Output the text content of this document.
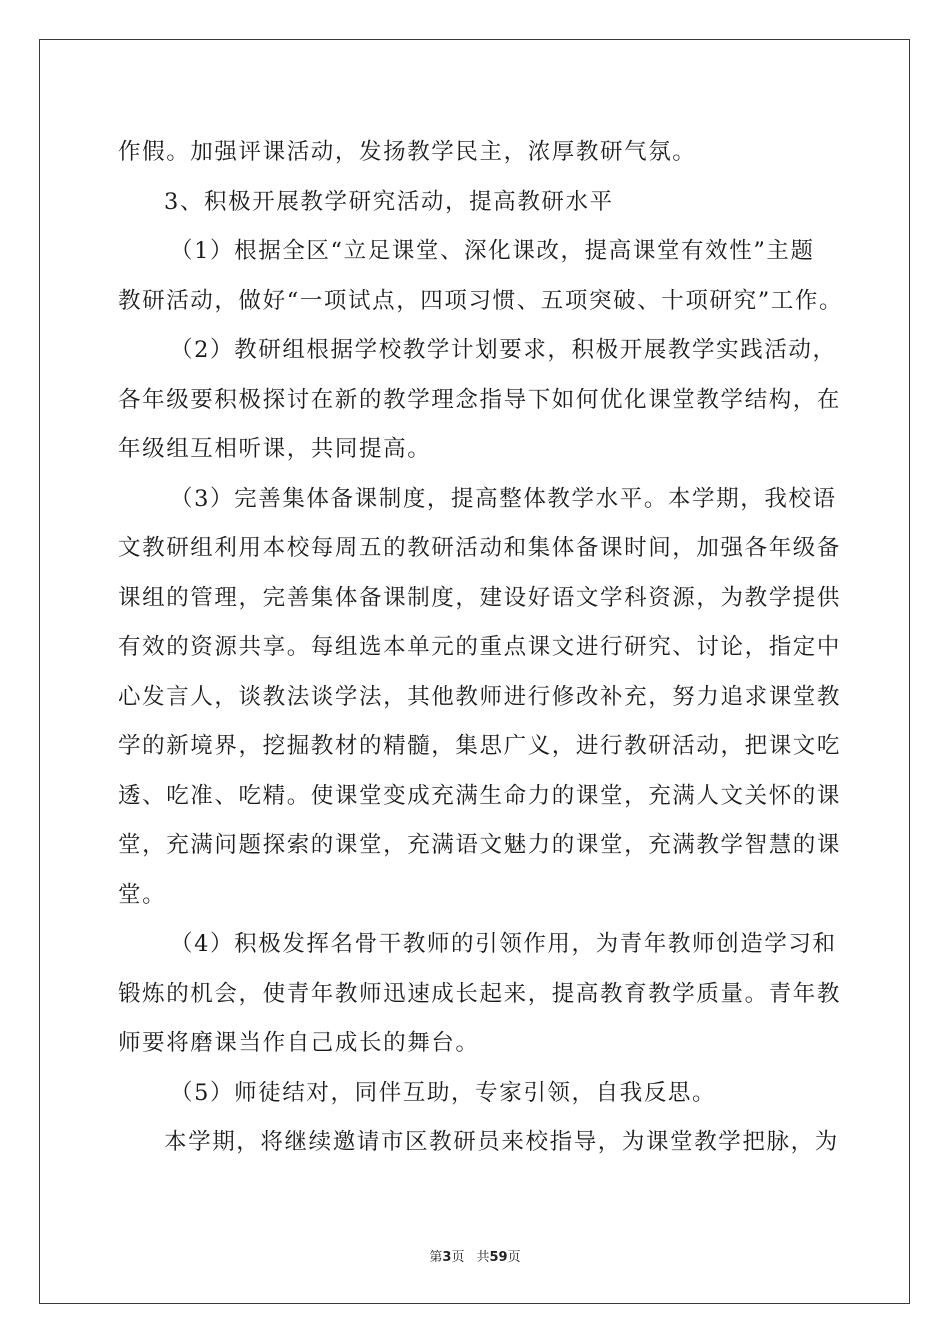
作假。加强评课活动，发扬教学民主，浓厚教研气氛。
3、积极开展教学研究活动，提高教研水平
（1）根据全区“立足课堂、深化课改，提高课堂有效性”主题
教研活动，做好“一项试点，四项习惯、五项突破、十项研究”工作。
（2）教研组根据学校教学计划要求，积极开展教学实践活动，
各年级要积极探讨在新的教学理念指导下如何优化课堂教学结构，在
年级组互相听课，共同提高。
（3）完善集体备课制度，提高整体教学水平。本学期，我校语
文教研组利用本校每周五的教研活动和集体备课时间，加强各年级备
课组的管理，完善集体备课制度，建设好语文学科资源，为教学提供
有效的资源共享。每组选本单元的重点课文进行研究、讨论，指定中
心发言人，谈教法谈学法，其他教师进行修改补充，努力追求课堂教
学的新境界，挖掘教材的精髓，集思广义，进行教研活动，把课文吃
透、吃准、吃精。使课堂变成充满生命力的课堂，充满人文关怀的课
堂，充满问题探索的课堂，充满语文魅力的课堂，充满教学智慧的课
堂。
（4）积极发挥名骨干教师的引领作用，为青年教师创造学习和
锻炼的机会，使青年教师迅速成长起来，提高教育教学质量。青年教
师要将磨课当作自己成长的舞台。
（5）师徒结对，同伴互助，专家引领，自我反思。
本学期，将继续邀请市区教研员来校指导，为课堂教学把脉，为
第3页 共59页
